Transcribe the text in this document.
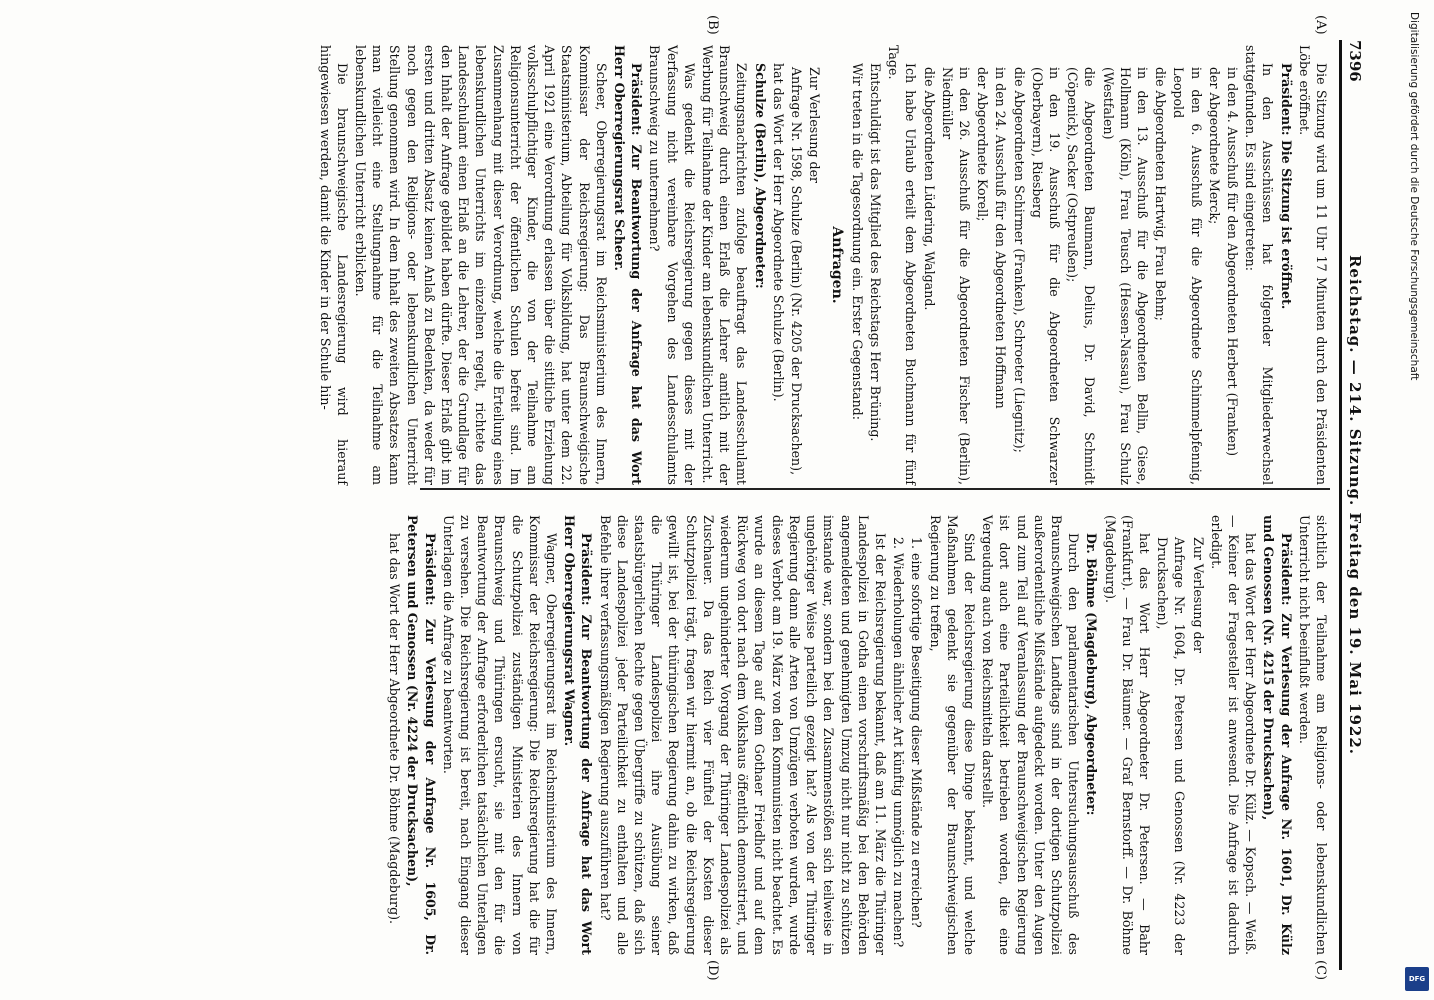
7396
Reichstag. — 214. Sitzung. Freitag den 19. Mai 1922.
(A)
(B)
(C)
(D)

Die Sitzung wird um 11 Uhr 17 Minuten durch den Präsidenten Löbe eröffnet.

Präsident: Die Sitzung ist eröffnet.

In den Ausschüssen hat folgender Mitgliederwechsel stattgefunden. Es sind eingetreten:

in den 4. Ausschuß für den Abgeordneten Herbert (Franken)

der Abgeordnete Merck;

in den 6. Ausschuß für die Abgeordnete Schimmelpfennig, Leopold

die Abgeordneten Hartwig, Frau Behm;

in den 13. Ausschuß für die Abgeordneten Bellin, Giese, Hollmann (Köln), Frau Teusch (Hessen-Nassau), Frau Schulz (Westfalen)

die Abgeordneten Baumann, Delius, Dr. David, Schmidt (Cöpenick), Sacker (Ostpreußen);

in den 19. Ausschuß für die Abgeordneten Schwarzer (Oberbayern), Riesberg

die Abgeordneten Schirmer (Franken), Schroeter (Liegnitz);

in den 24. Ausschuß für den Abgeordneten Hoffmann

der Abgeordnete Korell;

in den 26. Ausschuß für die Abgeordneten Fischer (Berlin), Niedmüller

die Abgeordneten Lüdering, Walgand.

Ich habe Urlaub erteilt dem Abgeordneten Buchmann für fünf Tage.

Entschuldigt ist das Mitglied des Reichstags Herr Brüning.

Wir treten in die Tagesordnung ein. Erster Gegenstand:

Anfragen.

Zur Verlesung der

Anfrage Nr. 1598, Schulze (Berlin) (Nr. 4205 der Drucksachen),

hat das Wort der Herr Abgeordnete Schulze (Berlin).

Schulze (Berlin), Abgeordneter:

Zeitungsnachrichten zufolge beauftragt das Landesschulamt Braunschweig durch einen Erlaß die Lehrer amtlich mit der Werbung für Teilnahme der Kinder am lebenskundlichen Unterricht.

Was gedenkt die Reichsregierung gegen dieses mit der Verfassung nicht vereinbare Vorgehen des Landesschulamts Braunschweig zu unternehmen?

Präsident: Zur Beantwortung der Anfrage hat das Wort Herr Oberregierungsrat Scheer.

Scheer, Oberregierungsrat im Reichsministerium des Innern, Kommissar der Reichsregierung: Das Braunschweigische Staatsministerium, Abteilung für Volksbildung, hat unter dem 22. April 1921 eine Verordnung erlassen über die sittliche Erziehung volksschulpflichtiger Kinder, die von der Teilnahme am Religionsunterricht der öffentlichen Schulen befreit sind. Im Zusammenhang mit dieser Verordnung, welche die Erteilung eines lebenskundlichen Unterrichts im einzelnen regelt, richtete das Landesschulamt einen Erlaß an die Lehrer, der die Grundlage für den Inhalt der Anfrage gebildet haben dürfte. Dieser Erlaß gibt im ersten und dritten Absatz keinen Anlaß zu Bedenken, da weder für noch gegen den Religions- oder lebenskundlichen Unterricht Stellung genommen wird. In dem Inhalt des zweiten Absatzes kann man vielleicht eine Stellungnahme für die Teilnahme am lebenskundlichen Unterricht erblicken.

Die braunschweigische Landesregierung wird hierauf hingewiesen werden, damit die Kinder in der Schule hin-

sichtlich der Teilnahme am Religions- oder lebenskundlichen Unterricht nicht beeinflußt werden.

Präsident: Zur Verlesung der Anfrage Nr. 1601, Dr. Külz und Genossen (Nr. 4215 der Drucksachen),

hat das Wort der Herr Abgeordnete Dr. Külz. — Kopsch. — Weiß. — Keiner der Fragesteller ist anwesend. Die Anfrage ist dadurch erledigt.

Zur Verlesung der

Anfrage Nr. 1604, Dr. Petersen und Genossen (Nr. 4223 der Drucksachen),

hat das Wort Herr Abgeordneter Dr. Petersen. — Bahr (Frankfurt). — Frau Dr. Bäumer. — Graf Bernstorff. — Dr. Böhme (Magdeburg).

Dr. Böhme (Magdeburg), Abgeordneter:

Durch den parlamentarischen Untersuchungsausschuß des Braunschweigischen Landtags sind in der dortigen Schutzpolizei außerordentliche Mißstände aufgedeckt worden. Unter den Augen und zum Teil auf Veranlassung der Braunschweigischen Regierung ist dort auch eine Parteilichkeit betrieben worden, die eine Vergeudung auch von Reichsmitteln darstellt.

Sind der Reichsregierung diese Dinge bekannt, und welche Maßnahmen gedenkt sie gegenüber der Braunschweigischen Regierung zu treffen,

1. eine sofortige Beseitigung dieser Mißstände zu erreichen?

2. Wiederholungen ähnlicher Art künftig unmöglich zu machen?

Ist der Reichsregierung bekannt, daß am 11. März die Thüringer Landespolizei in Gotha einen vorschriftsmäßig bei den Behörden angemeldeten und genehmigten Umzug nicht nur nicht zu schützen imstande war, sondern bei den Zusammenstößen sich teilweise in ungehöriger Weise parteilich gezeigt hat? Als von der Thüringer Regierung dann alle Arten von Umzügen verboten wurden, wurde dieses Verbot am 19. März von den Kommunisten nicht beachtet. Es wurde an diesem Tage auf dem Gothaer Friedhof und auf dem Rückweg von dort nach dem Volkshaus öffentlich demonstriert, und wiederum ungehinderter Vorgang der Thüringer Landespolizei als Zuschauer. Da das Reich vier Fünftel der Kosten dieser Schutzpolizei trägt, fragen wir hiermit an, ob die Reichsregierung gewillt ist, bei der thüringischen Regierung dahin zu wirken, daß die Thüringer Landespolizei ihre Ausübung seiner staatsbürgerlichen Rechte gegen Übergriffe zu schützen, daß sich diese Landespolizei jeder Parteilichkeit zu enthalten und alle Befehle ihrer verfassungsmäßigen Regierung auszuführen hat?

Präsident: Zur Beantwortung der Anfrage hat das Wort Herr Oberregierungsrat Wagner.

Wagner, Oberregierungsrat im Reichsministerium des Innern, Kommissar der Reichsregierung: Die Reichsregierung hat die für die Schutzpolizei zuständigen Ministerien des Innern von Braunschweig und Thüringen ersucht, sie mit den für die Beantwortung der Anfrage erforderlichen tatsächlichen Unterlagen zu versehen. Die Reichsregierung ist bereit, nach Eingang dieser Unterlagen die Anfrage zu beantworten.

Präsident: Zur Verlesung der Anfrage Nr. 1605, Dr. Petersen und Genossen (Nr. 4224 der Drucksachen),

hat das Wort der Herr Abgeordnete Dr. Böhme (Magdeburg).

Digitalisierung gefördert durch die Deutsche Forschungsgemeinschaft
DFG
